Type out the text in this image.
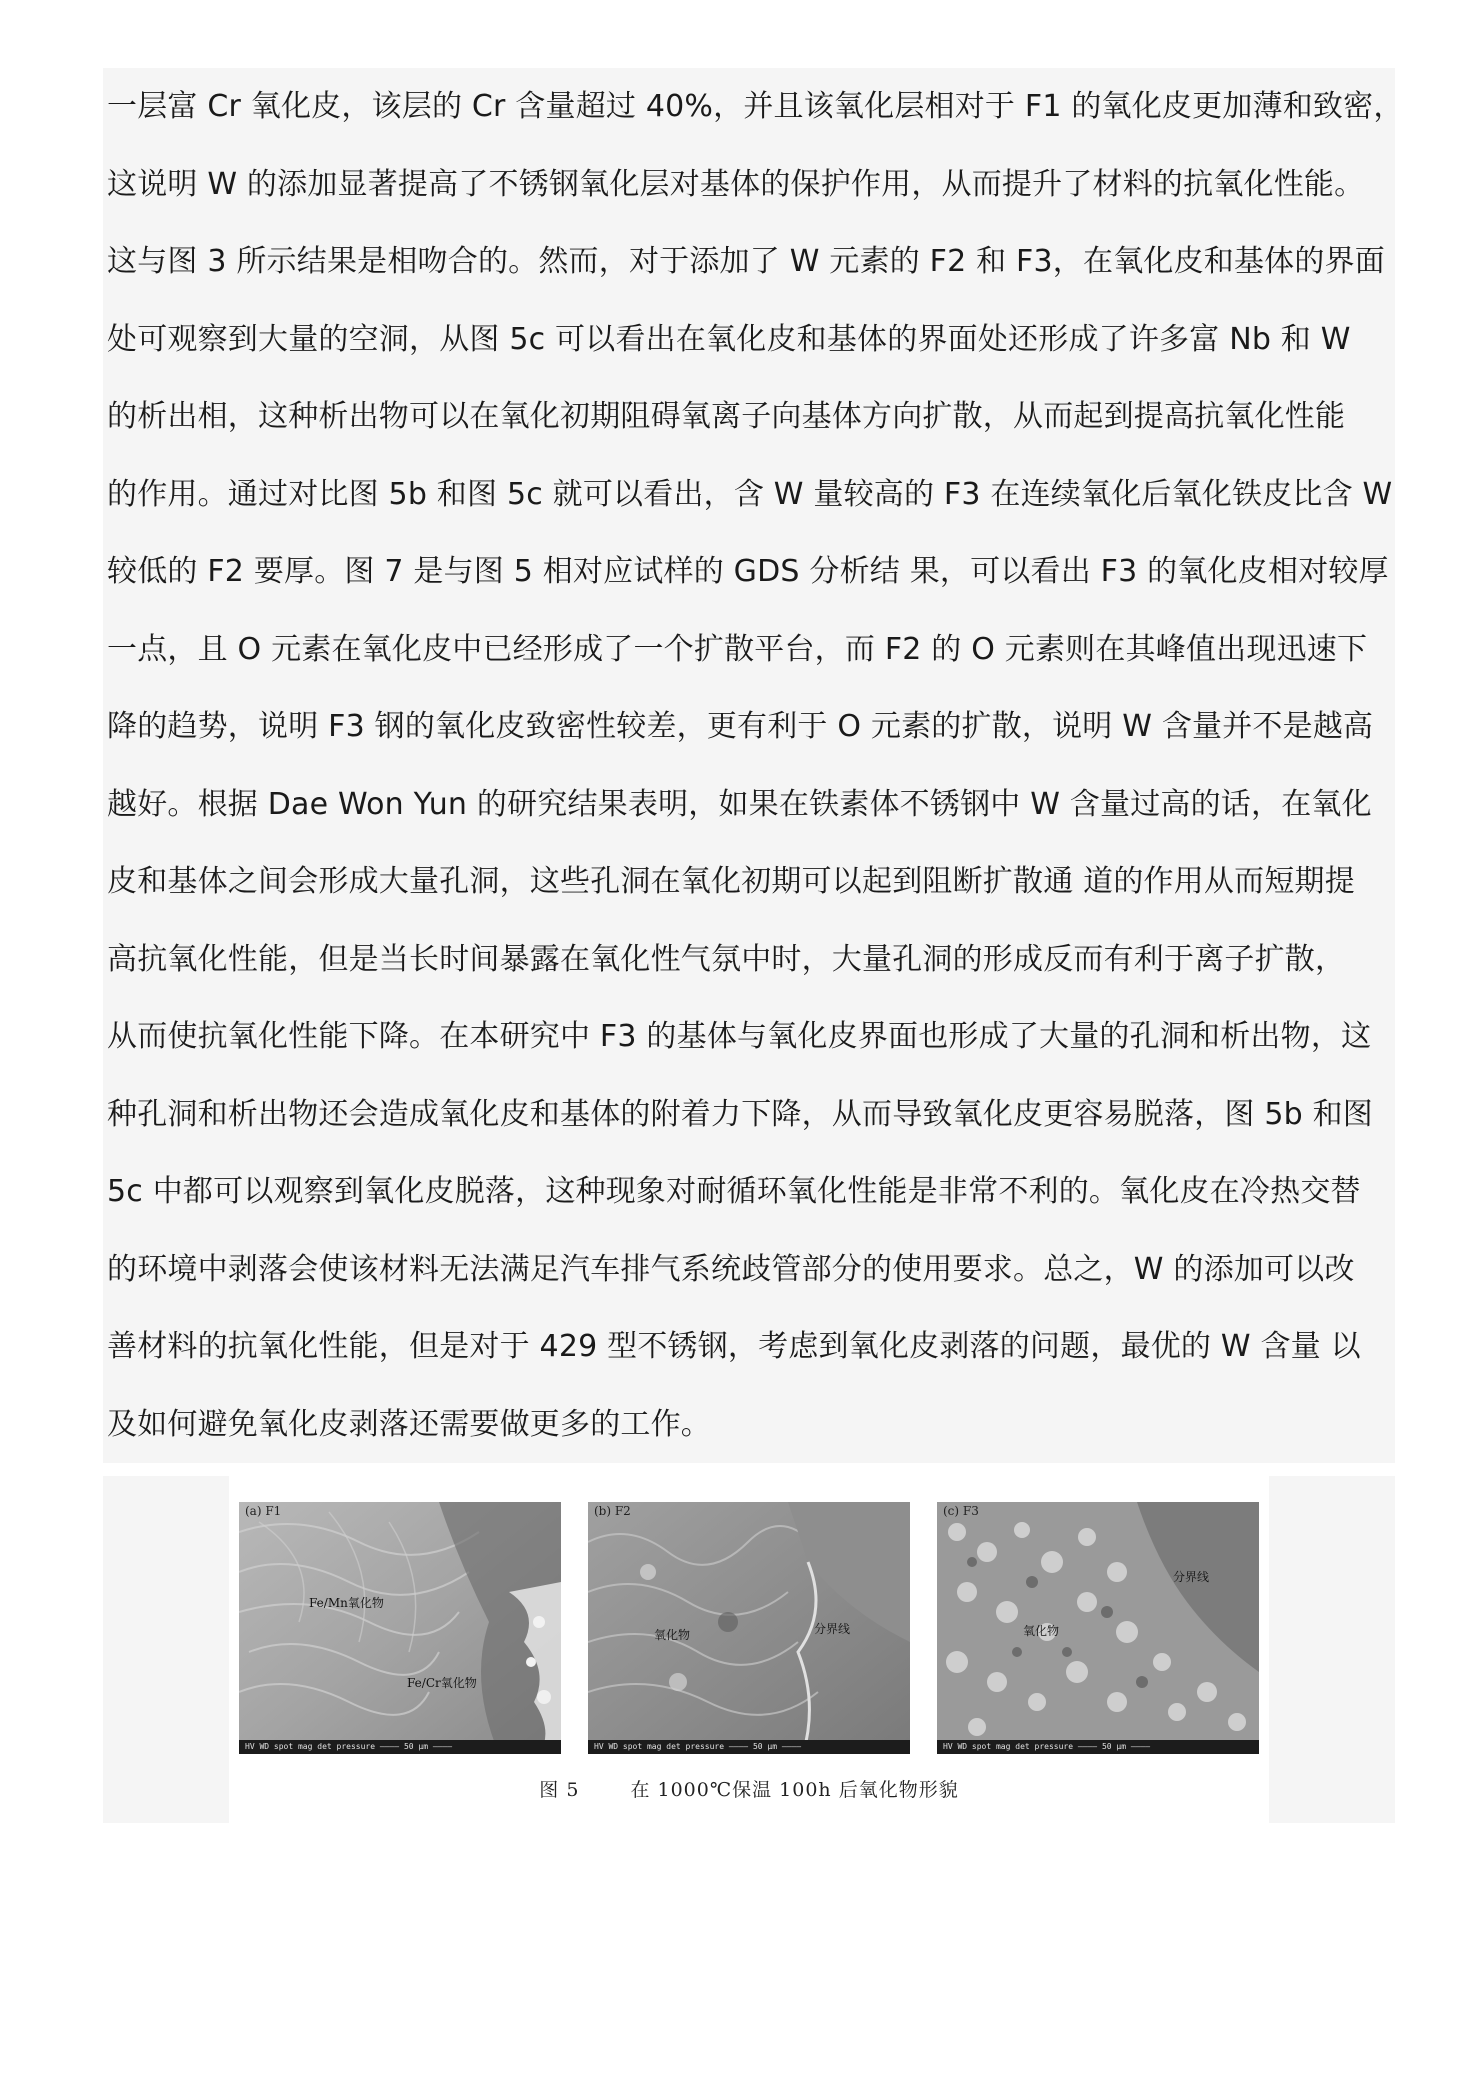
一层富 Cr 氧化皮，该层的 Cr 含量超过 40%，并且该氧化层相对于 F1 的氧化皮更加薄和致密，
这说明 W 的添加显著提高了不锈钢氧化层对基体的保护作用，从而提升了材料的抗氧化性能。
这与图 3 所示结果是相吻合的。然而，对于添加了 W 元素的 F2 和 F3，在氧化皮和基体的界面
处可观察到大量的空洞，从图 5c 可以看出在氧化皮和基体的界面处还形成了许多富 Nb 和 W
的析出相，这种析出物可以在氧化初期阻碍氧离子向基体方向扩散，从而起到提高抗氧化性能
的作用。通过对比图 5b 和图 5c 就可以看出，含 W 量较高的 F3 在连续氧化后氧化铁皮比含 W
较低的 F2 要厚。图 7 是与图 5 相对应试样的 GDS 分析结 果，可以看出 F3 的氧化皮相对较厚
一点，且 O 元素在氧化皮中已经形成了一个扩散平台，而 F2 的 O 元素则在其峰值出现迅速下
降的趋势，说明 F3 钢的氧化皮致密性较差，更有利于 O 元素的扩散，说明 W 含量并不是越高
越好。根据 Dae Won Yun 的研究结果表明，如果在铁素体不锈钢中 W 含量过高的话，在氧化
皮和基体之间会形成大量孔洞，这些孔洞在氧化初期可以起到阻断扩散通 道的作用从而短期提
高抗氧化性能，但是当长时间暴露在氧化性气氛中时，大量孔洞的形成反而有利于离子扩散，
从而使抗氧化性能下降。在本研究中 F3 的基体与氧化皮界面也形成了大量的孔洞和析出物，这
种孔洞和析出物还会造成氧化皮和基体的附着力下降，从而导致氧化皮更容易脱落，图 5b 和图
5c 中都可以观察到氧化皮脱落，这种现象对耐循环氧化性能是非常不利的。氧化皮在冷热交替
的环境中剥落会使该材料无法满足汽车排气系统歧管部分的使用要求。总之，W 的添加可以改
善材料的抗氧化性能，但是对于 429 型不锈钢，考虑到氧化皮剥落的问题，最优的 W 含量 以
及如何避免氧化皮剥落还需要做更多的工作。
(a) F1
Fe/Mn氧化物
Fe/Cr氧化物
HV WD spot mag det pressure ———— 50 μm ————
(b) F2
氧化物	分界线
HV WD spot mag det pressure ———— 50 μm ————
(c) F3
氧化物
分界线
HV WD spot mag det pressure ———— 50 μm ————
图 5	在 1000℃保温 100h 后氧化物形貌
